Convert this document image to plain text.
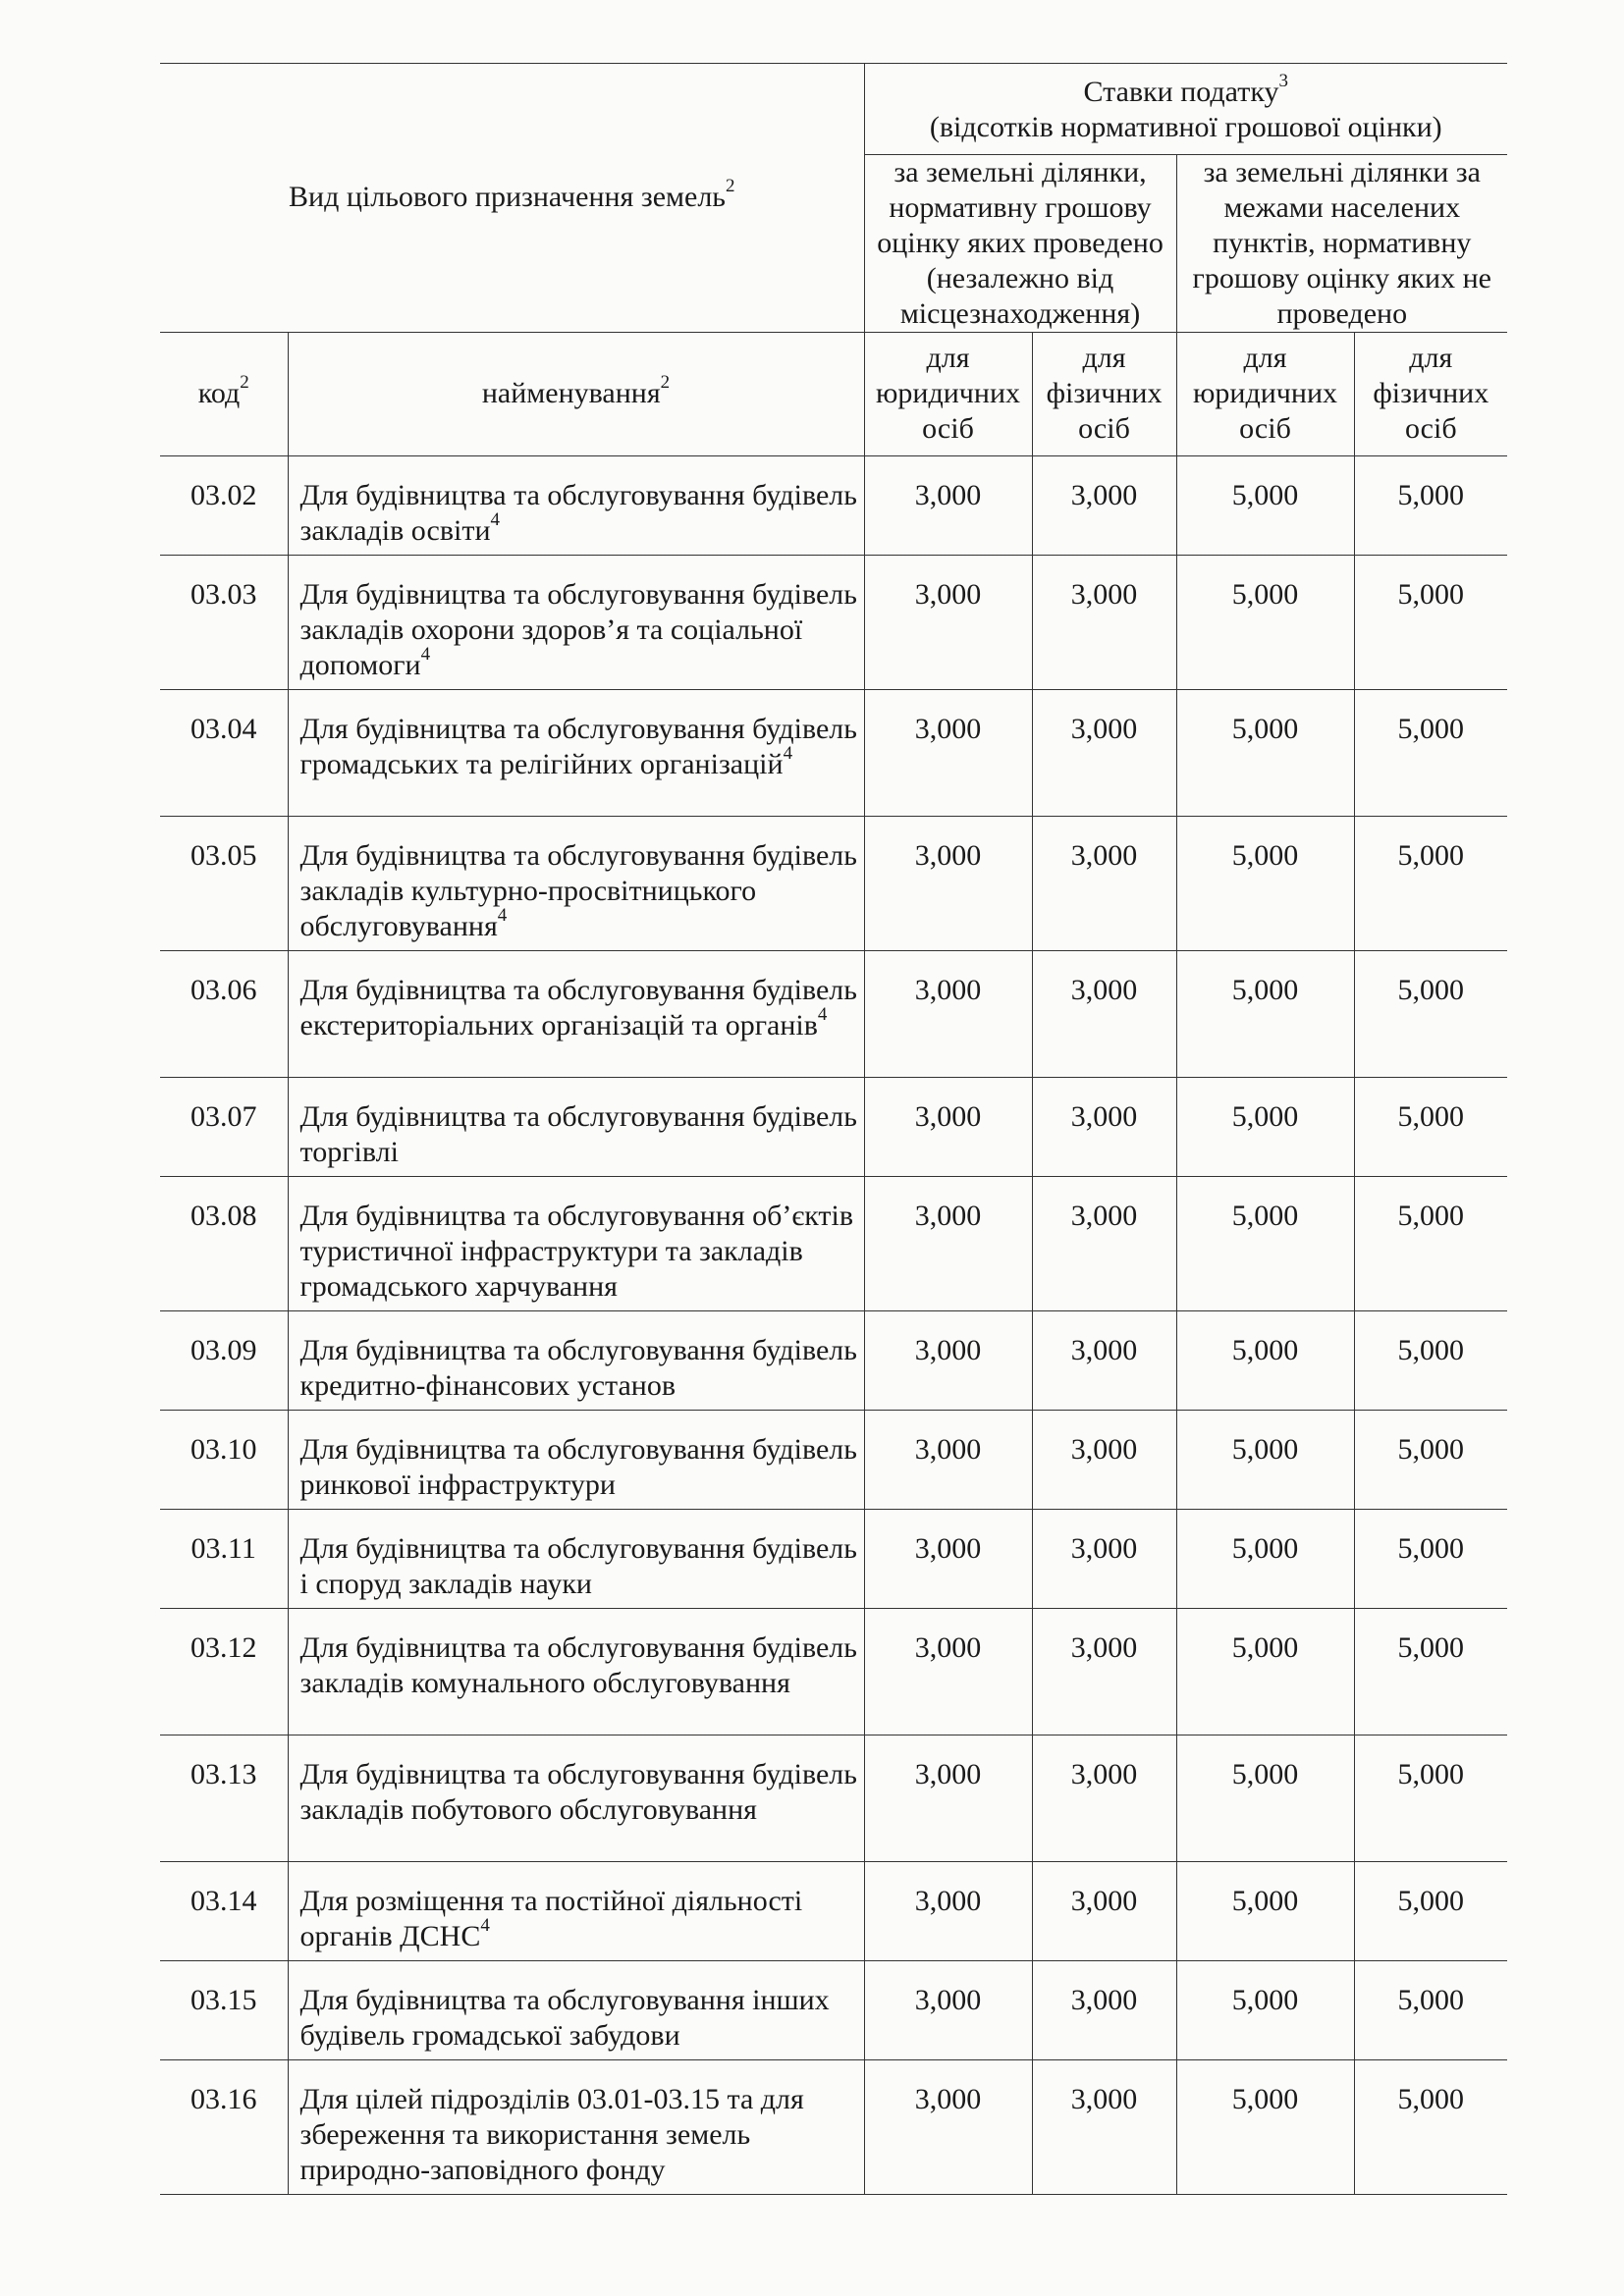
Вид цільового призначення земель$^2$		Ставки податку$^3$
(відсотків нормативної грошової оцінки)			
		за земельні ділянки, нормативну грошову оцінку яких проведено (незалежно від місцезнаходження)		за земельні ділянки за межами населених пунктів, нормативну грошову оцінку яких не проведено	
код$^2$	найменування$^2$	для юридичних осіб	для фізичних осіб	для юридичних осіб	для фізичних осіб
03.02	Для будівництва та обслуговування будівель закладів освіти$^4$	3,000	3,000	5,000	5,000
03.03	Для будівництва та обслуговування будівель закладів охорони здоров’я та соціальної допомоги$^4$	3,000	3,000	5,000	5,000
03.04	Для будівництва та обслуговування будівель громадських та релігійних організацій$^4$	3,000	3,000	5,000	5,000
03.05	Для будівництва та обслуговування будівель закладів культурно-просвітницького обслуговування$^4$	3,000	3,000	5,000	5,000
03.06	Для будівництва та обслуговування будівель екстериторіальних організацій та органів$^4$	3,000	3,000	5,000	5,000
03.07	Для будівництва та обслуговування будівель торгівлі	3,000	3,000	5,000	5,000
03.08	Для будівництва та обслуговування об’єктів туристичної інфраструктури та закладів громадського харчування	3,000	3,000	5,000	5,000
03.09	Для будівництва та обслуговування будівель кредитно-фінансових установ	3,000	3,000	5,000	5,000
03.10	Для будівництва та обслуговування будівель ринкової інфраструктури	3,000	3,000	5,000	5,000
03.11	Для будівництва та обслуговування будівель і споруд закладів науки	3,000	3,000	5,000	5,000
03.12	Для будівництва та обслуговування будівель закладів комунального обслуговування	3,000	3,000	5,000	5,000
03.13	Для будівництва та обслуговування будівель закладів побутового обслуговування	3,000	3,000	5,000	5,000
03.14	Для розміщення та постійної діяльності органів ДСНС$^4$	3,000	3,000	5,000	5,000
03.15	Для будівництва та обслуговування інших будівель громадської забудови	3,000	3,000	5,000	5,000
03.16	Для цілей підрозділів 03.01-03.15 та для збереження та використання земель природно-заповідного фонду	3,000	3,000	5,000	5,000
